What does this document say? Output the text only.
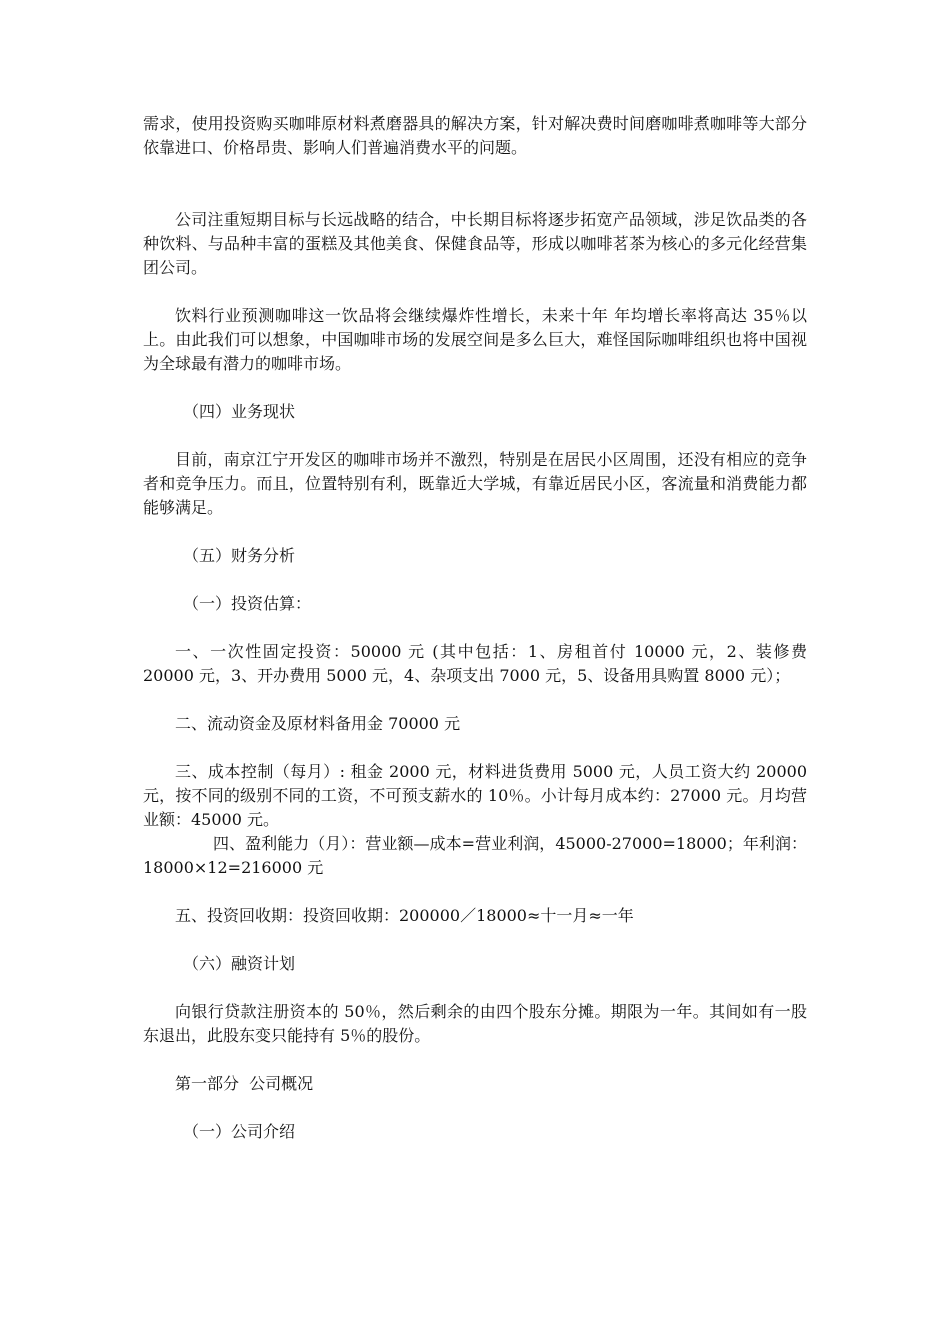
需求，使用投资购买咖啡原材料煮磨器具的解决方案，针对解决费时间磨咖啡煮咖啡等大部分依靠进口、价格昂贵、影响人们普遍消费水平的问题。

公司注重短期目标与长远战略的结合，中长期目标将逐步拓宽产品领域，涉足饮品类的各种饮料、与品种丰富的蛋糕及其他美食、保健食品等，形成以咖啡茗茶为核心的多元化经营集团公司。

饮料行业预测咖啡这一饮品将会继续爆炸性增长，未来十年 年均增长率将高达 35％以上。由此我们可以想象，中国咖啡市场的发展空间是多么巨大，难怪国际咖啡组织也将中国视为全球最有潜力的咖啡市场。

（四）业务现状

目前，南京江宁开发区的咖啡市场并不激烈，特别是在居民小区周围，还没有相应的竞争者和竞争压力。而且，位置特别有利，既靠近大学城，有靠近居民小区，客流量和消费能力都能够满足。

（五）财务分析

（一）投资估算：

一、一次性固定投资：50000 元 (其中包括：1、房租首付 10000 元，2、装修费 20000 元，3、开办费用 5000 元，4、杂项支出 7000 元，5、设备用具购置 8000 元）；

二、流动资金及原材料备用金 70000 元

三、成本控制（每月）: 租金 2000 元，材料进货费用 5000 元，人员工资大约 20000 元，按不同的级别不同的工资，不可预支薪水的 10％。小计每月成本约：27000 元。月均营业额：45000 元。

四、盈利能力（月）：营业额—成本=营业利润，45000-27000=18000；年利润：18000×12=216000 元

五、投资回收期：投资回收期：200000／18000≈十一月≈一年

（六）融资计划

向银行贷款注册资本的 50％，然后剩余的由四个股东分摊。期限为一年。其间如有一股东退出，此股东变只能持有 5％的股份。

第一部分  公司概况

（一）公司介绍
